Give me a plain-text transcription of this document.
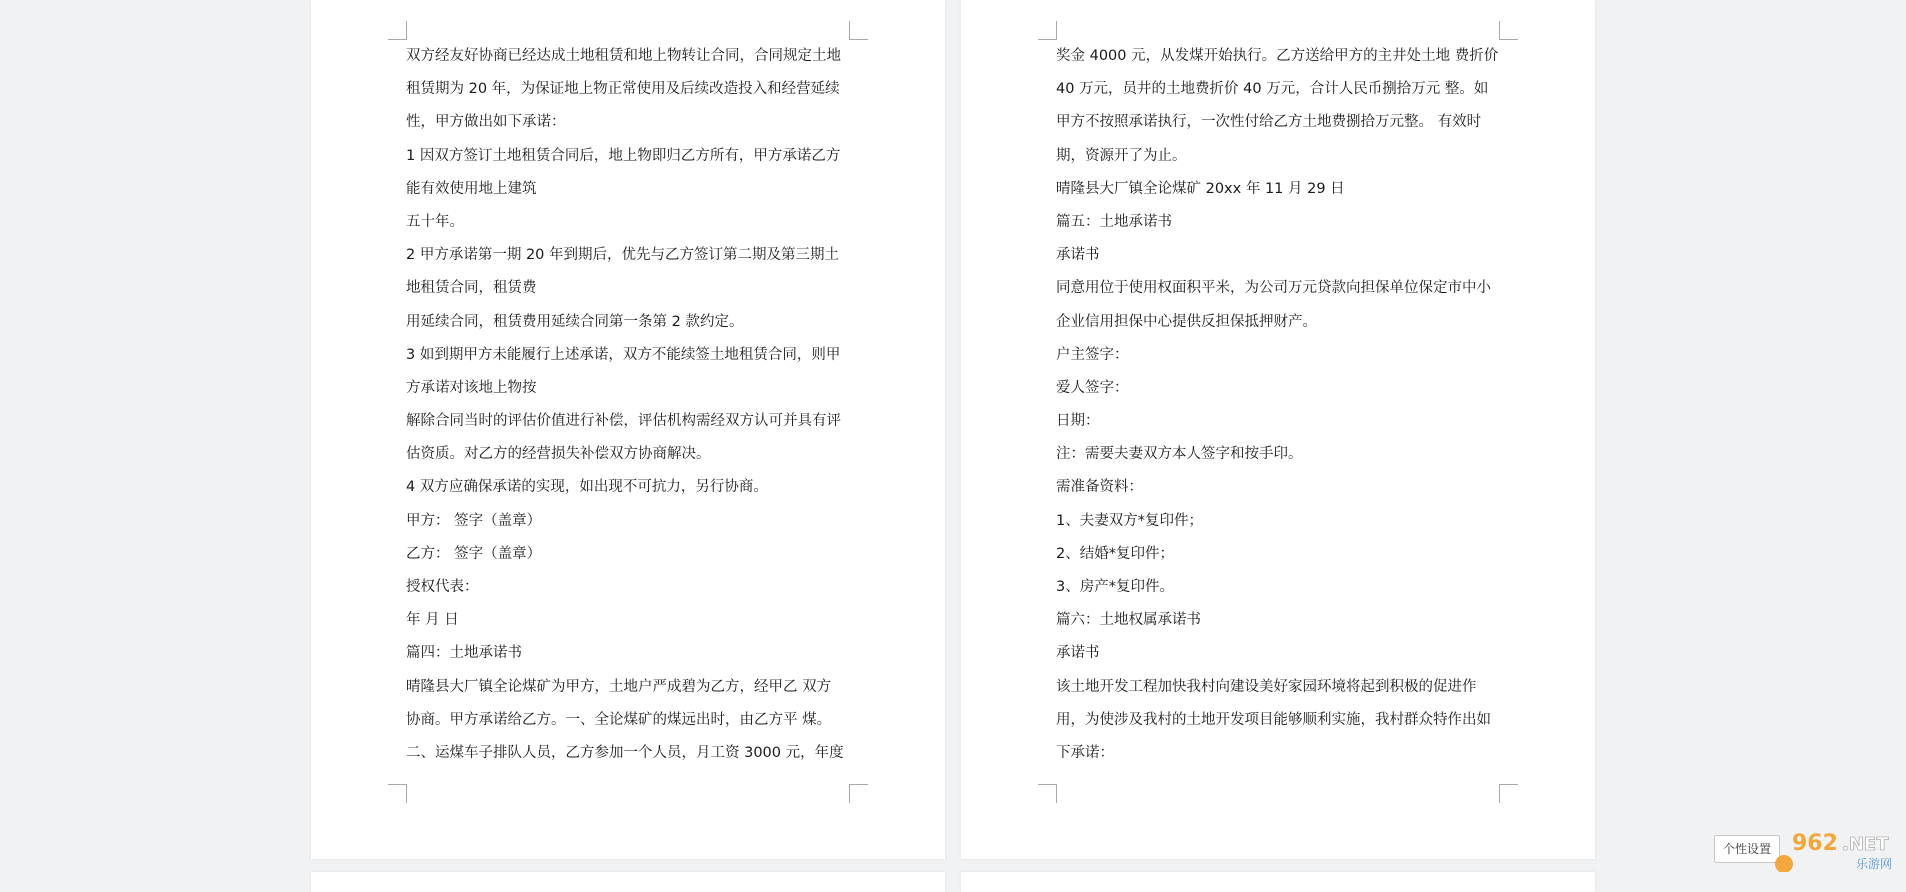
双方经友好协商已经达成土地租赁和地上物转让合同，合同规定土地
租赁期为 20 年，为保证地上物正常使用及后续改造投入和经营延续
性，甲方做出如下承诺：
1 因双方签订土地租赁合同后，地上物即归乙方所有，甲方承诺乙方
能有效使用地上建筑
五十年。
2 甲方承诺第一期 20 年到期后，优先与乙方签订第二期及第三期土
地租赁合同，租赁费
用延续合同，租赁费用延续合同第一条第 2 款约定。
3 如到期甲方未能履行上述承诺，双方不能续签土地租赁合同，则甲
方承诺对该地上物按
解除合同当时的评估价值进行补偿，评估机构需经双方认可并具有评
估资质。对乙方的经营损失补偿双方协商解决。
4 双方应确保承诺的实现，如出现不可抗力，另行协商。
甲方： 签字（盖章）
乙方： 签字（盖章）
授权代表：
年 月 日
篇四：土地承诺书
晴隆县大厂镇全论煤矿为甲方，土地户严成碧为乙方，经甲乙 双方
协商。甲方承诺给乙方。一、全论煤矿的煤远出时，由乙方平 煤。
二、运煤车子排队人员，乙方参加一个人员，月工资 3000 元，年度
奖金 4000 元，从发煤开始执行。乙方送给甲方的主井处土地 费折价
40 万元，员井的土地费折价 40 万元，合计人民币捌拾万元 整。如
甲方不按照承诺执行，一次性付给乙方土地费捌拾万元整。 有效时
期，资源开了为止。
晴隆县大厂镇全论煤矿 20xx 年 11 月 29 日
篇五：土地承诺书
承诺书
同意用位于使用权面积平米，为公司万元贷款向担保单位保定市中小
企业信用担保中心提供反担保抵押财产。
户主签字：
爱人签字：
日期：
注：需要夫妻双方本人签字和按手印。
需准备资料：
1、夫妻双方*复印件；
2、结婚*复印件；
3、房产*复印件。
篇六：土地权属承诺书
承诺书
该土地开发工程加快我村向建设美好家园环境将起到积极的促进作
用，为使涉及我村的土地开发项目能够顺利实施，我村群众特作出如
下承诺：
个性设置 962 .NET
乐游网
